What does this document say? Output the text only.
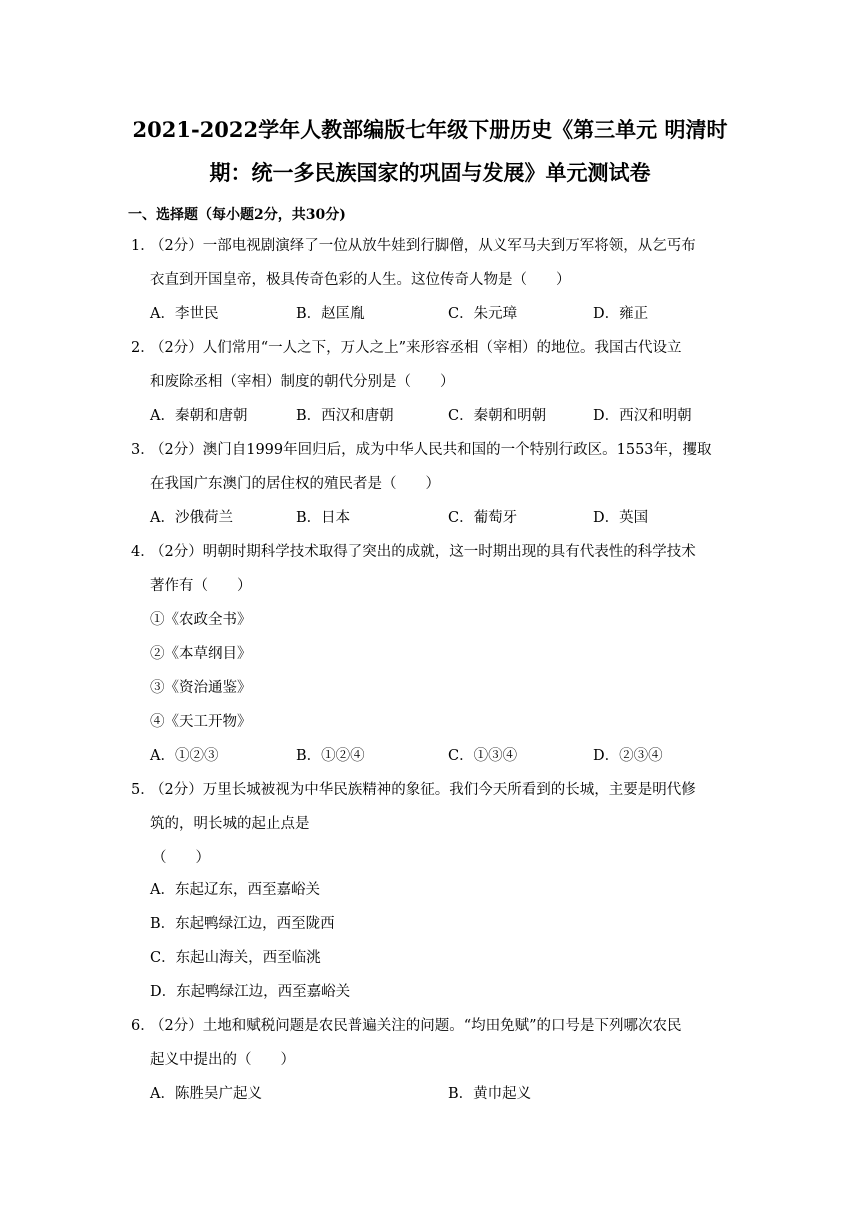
2021-2022学年人教部编版七年级下册历史《第三单元 明清时
期：统一多民族国家的巩固与发展》单元测试卷
一、选择题（每小题2分，共30分)
1．
（2分）一部电视剧演绎了一位从放牛娃到行脚僧，从义军马夫到万军将领，从乞丐布
衣直到开国皇帝，极具传奇色彩的人生。这位传奇人物是（　　）
A．李世民	B．赵匡胤	C．朱元璋	D．雍正
2．
（2分）人们常用“一人之下，万人之上”来形容丞相（宰相）的地位。我国古代设立
和废除丞相（宰相）制度的朝代分别是（　　）
A．秦朝和唐朝	B．西汉和唐朝	C．秦朝和明朝	D．西汉和明朝
3．
（2分）澳门自1999年回归后，成为中华人民共和国的一个特别行政区。1553年，攫取
在我国广东澳门的居住权的殖民者是（　　）
A．沙俄荷兰	B．日本	C．葡萄牙	D．英国
4．
（2分）明朝时期科学技术取得了突出的成就，这一时期出现的具有代表性的科学技术
著作有（　　）
①《农政全书》
②《本草纲目》
③《资治通鉴》
④《天工开物》
A．①②③	B．①②④	C．①③④	D．②③④
5．
（2分）万里长城被视为中华民族精神的象征。我们今天所看到的长城，主要是明代修
筑的，明长城的起止点是
（　　）
A．东起辽东，西至嘉峪关
B．东起鸭绿江边，西至陇西
C．东起山海关，西至临洮
D．东起鸭绿江边，西至嘉峪关
6．
（2分）土地和赋税问题是农民普遍关注的问题。“均田免赋”的口号是下列哪次农民
起义中提出的（　　）
A．陈胜吴广起义	B．黄巾起义
